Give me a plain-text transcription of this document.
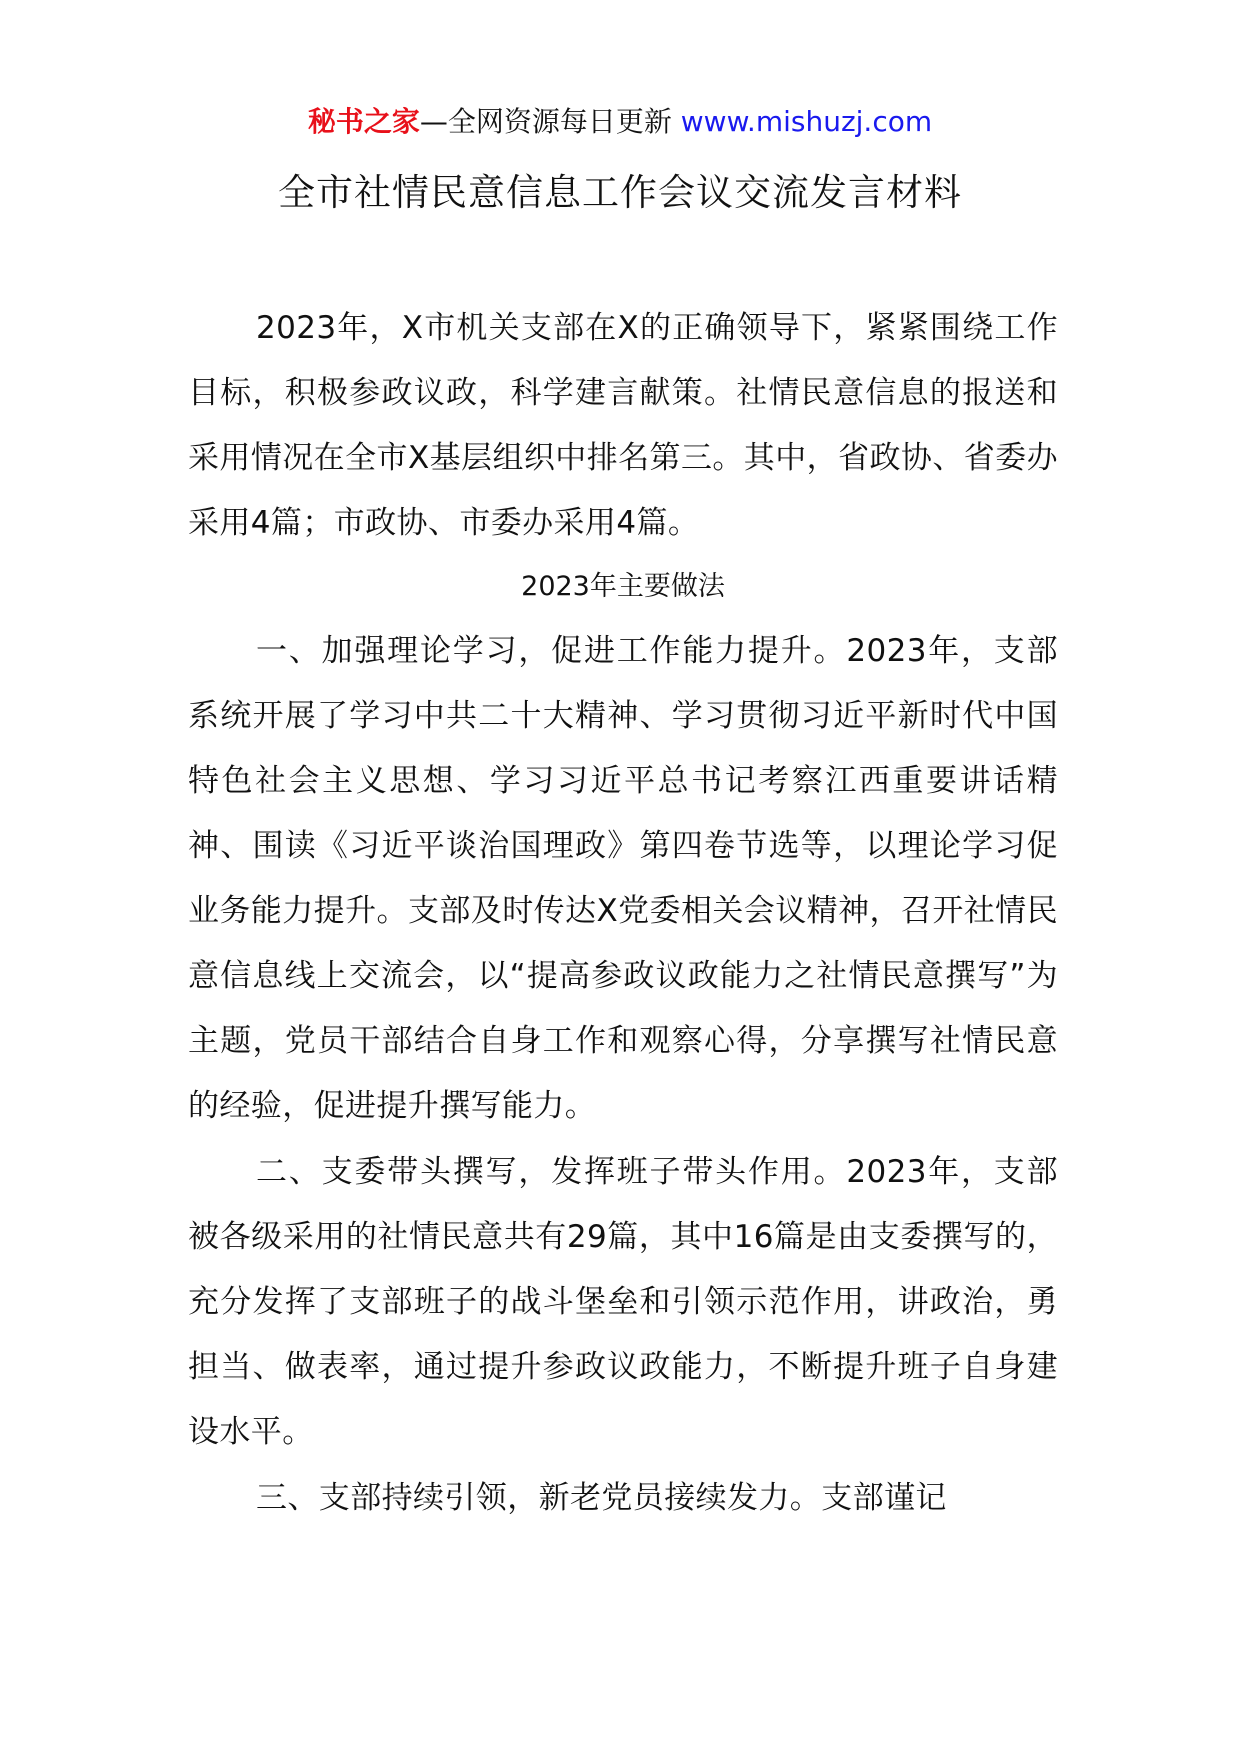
秘书之家—全网资源每日更新 www.mishuzj.com
全市社情民意信息工作会议交流发言材料

2023年，X市机关支部在X的正确领导下，紧紧围绕工作目标，积极参政议政，科学建言献策。社情民意信息的报送和采用情况在全市X基层组织中排名第三。其中，省政协、省委办采用4篇；市政协、市委办采用4篇。

2023年主要做法

一、加强理论学习，促进工作能力提升。2023年，支部系统开展了学习中共二十大精神、学习贯彻习近平新时代中国特色社会主义思想、学习习近平总书记考察江西重要讲话精神、围读《习近平谈治国理政》第四卷节选等，以理论学习促业务能力提升。支部及时传达X党委相关会议精神，召开社情民意信息线上交流会，以“提高参政议政能力之社情民意撰写”为主题，党员干部结合自身工作和观察心得，分享撰写社情民意的经验，促进提升撰写能力。

二、支委带头撰写，发挥班子带头作用。2023年，支部被各级采用的社情民意共有29篇，其中16篇是由支委撰写的，充分发挥了支部班子的战斗堡垒和引领示范作用，讲政治，勇担当、做表率，通过提升参政议政能力，不断提升班子自身建设水平。

三、支部持续引领，新老党员接续发力。支部谨记
